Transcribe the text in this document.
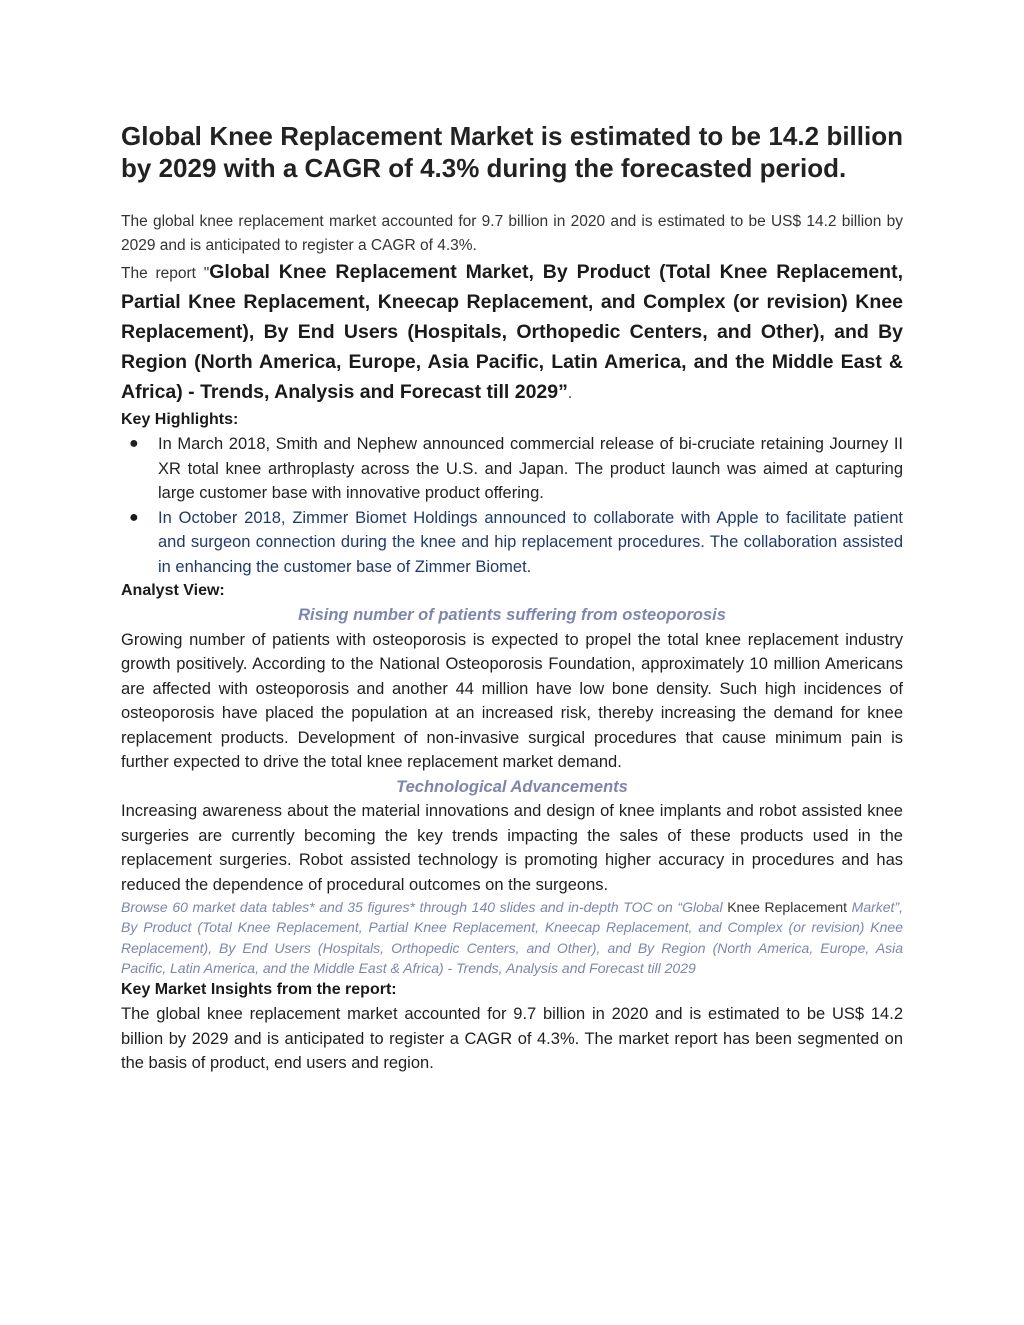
Global Knee Replacement Market is estimated to be 14.2 billion by 2029 with a CAGR of 4.3% during the forecasted period.

The global knee replacement market accounted for 9.7 billion in 2020 and is estimated to be US$ 14.2 billion by 2029 and is anticipated to register a CAGR of 4.3%.

The report "Global Knee Replacement Market, By Product (Total Knee Replacement, Partial Knee Replacement, Kneecap Replacement, and Complex (or revision) Knee Replacement), By End Users (Hospitals, Orthopedic Centers, and Other), and By Region (North America, Europe, Asia Pacific, Latin America, and the Middle East & Africa) - Trends, Analysis and Forecast till 2029”.

Key Highlights:

● In March 2018, Smith and Nephew announced commercial release of bi-cruciate retaining Journey II XR total knee arthroplasty across the U.S. and Japan. The product launch was aimed at capturing large customer base with innovative product offering.
● In October 2018, Zimmer Biomet Holdings announced to collaborate with Apple to facilitate patient and surgeon connection during the knee and hip replacement procedures. The collaboration assisted in enhancing the customer base of Zimmer Biomet.

Analyst View:

Rising number of patients suffering from osteoporosis

Growing number of patients with osteoporosis is expected to propel the total knee replacement industry growth positively. According to the National Osteoporosis Foundation, approximately 10 million Americans are affected with osteoporosis and another 44 million have low bone density. Such high incidences of osteoporosis have placed the population at an increased risk, thereby increasing the demand for knee replacement products. Development of non-invasive surgical procedures that cause minimum pain is further expected to drive the total knee replacement market demand.

Technological Advancements

Increasing awareness about the material innovations and design of knee implants and robot assisted knee surgeries are currently becoming the key trends impacting the sales of these products used in the replacement surgeries. Robot assisted technology is promoting higher accuracy in procedures and has reduced the dependence of procedural outcomes on the surgeons.

Browse 60 market data tables* and 35 figures* through 140 slides and in-depth TOC on “Global Knee Replacement Market”, By Product (Total Knee Replacement, Partial Knee Replacement, Kneecap Replacement, and Complex (or revision) Knee Replacement), By End Users (Hospitals, Orthopedic Centers, and Other), and By Region (North America, Europe, Asia Pacific, Latin America, and the Middle East & Africa) - Trends, Analysis and Forecast till 2029

Key Market Insights from the report:

The global knee replacement market accounted for 9.7 billion in 2020 and is estimated to be US$ 14.2 billion by 2029 and is anticipated to register a CAGR of 4.3%. The market report has been segmented on the basis of product, end users and region.
